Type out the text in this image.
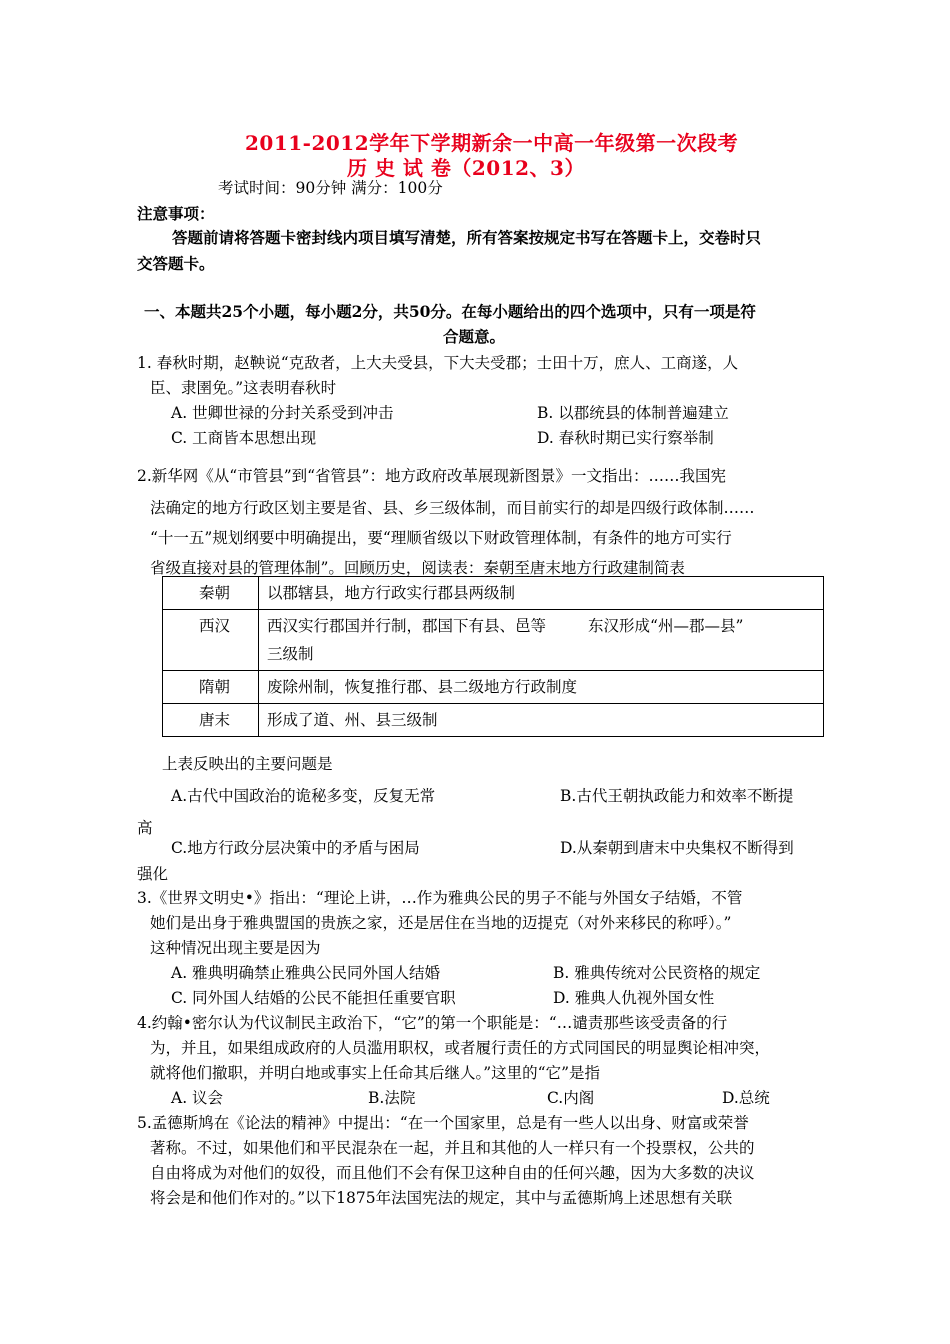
2011-2012学年下学期新余一中高一年级第一次段考
历 史 试 卷（2012、3）
考试时间：90分钟 满分：100分
注意事项：
答题前请将答题卡密封线内项目填写清楚，所有答案按规定书写在答题卡上，交卷时只
交答题卡。
一、本题共25个小题，每小题2分，共50分。在每小题给出的四个选项中，只有一项是符
合题意。
1. 春秋时期，赵鞅说“克敌者，上大夫受县，下大夫受郡；士田十万，庶人、工商遂，人
臣、隶圉免。”这表明春秋时
A. 世卿世禄的分封关系受到冲击	B. 以郡统县的体制普遍建立
C. 工商皆本思想出现	D. 春秋时期已实行察举制
2.新华网《从“市管县”到“省管县”：地方政府改革展现新图景》一文指出：……我国宪
法确定的地方行政区划主要是省、县、乡三级体制，而目前实行的却是四级行政体制……
“十一五”规划纲要中明确提出，要“理顺省级以下财政管理体制，有条件的地方可实行
省级直接对县的管理体制”。回顾历史，阅读表：秦朝至唐末地方行政建制简表
秦朝	以郡辖县，地方行政实行郡县两级制
西汉	西汉实行郡国并行制，郡国下有县、邑等 东汉形成“州—郡—县”
三级制
隋朝	废除州制，恢复推行郡、县二级地方行政制度
唐末	形成了道、州、县三级制
上表反映出的主要问题是
A.古代中国政治的诡秘多变，反复无常	B.古代王朝执政能力和效率不断提
高
C.地方行政分层决策中的矛盾与困局	D.从秦朝到唐末中央集权不断得到
强化
3.《世界文明史•》指出：“理论上讲，…作为雅典公民的男子不能与外国女子结婚，不管
她们是出身于雅典盟国的贵族之家，还是居住在当地的迈提克（对外来移民的称呼）。”
这种情况出现主要是因为
A. 雅典明确禁止雅典公民同外国人结婚	B. 雅典传统对公民资格的规定
C. 同外国人结婚的公民不能担任重要官职	D. 雅典人仇视外国女性
4.约翰•密尔认为代议制民主政治下，“它”的第一个职能是：“…谴责那些该受责备的行
为，并且，如果组成政府的人员滥用职权，或者履行责任的方式同国民的明显舆论相冲突，
就将他们撤职，并明白地或事实上任命其后继人。”这里的“它”是指
A. 议会	B.法院	C.内阁	D.总统
5.孟德斯鸠在《论法的精神》中提出：“在一个国家里，总是有一些人以出身、财富或荣誉
著称。不过，如果他们和平民混杂在一起，并且和其他的人一样只有一个投票权，公共的
自由将成为对他们的奴役，而且他们不会有保卫这种自由的任何兴趣，因为大多数的决议
将会是和他们作对的。”以下1875年法国宪法的规定，其中与孟德斯鸠上述思想有关联
